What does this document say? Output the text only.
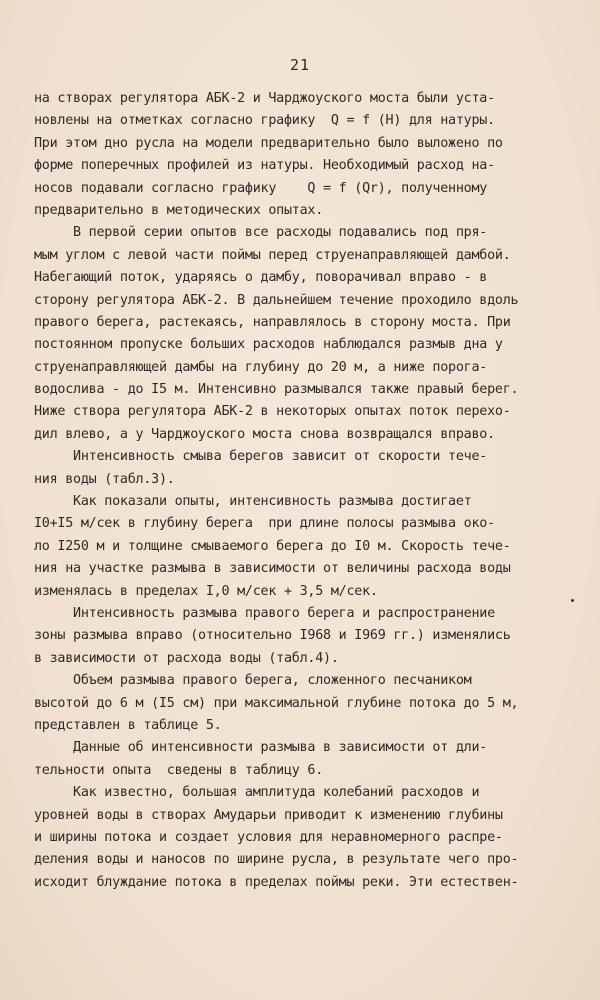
21
на створах регулятора АБК-2 и Чарджоуского моста были уста-
новлены на отметках согласно графику  Q = f (H) для натуры.
При этом дно русла на модели предварительно было выложено по
форме поперечных профилей из натуры. Необходимый расход на-
носов подавали согласно графику    Q = f (Qr), полученному
предварительно в методических опытах.
В первой серии опытов все расходы подавались под пря-
мым углом с левой части поймы перед струенаправляющей дамбой.
Набегающий поток, ударяясь о дамбу, поворачивал вправо - в
сторону регулятора АБК-2. В дальнейшем течение проходило вдоль
правого берега, растекаясь, направлялось в сторону моста. При
постоянном пропуске больших расходов наблюдался размыв дна у
струенаправляющей дамбы на глубину до 20 м, а ниже порога-
водослива - до I5 м. Интенсивно размывался также правый берег.
Ниже створа регулятора АБК-2 в некоторых опытах поток перехо-
дил влево, а у Чарджоуского моста снова возвращался вправо.
Интенсивность смыва берегов зависит от скорости тече-
ния воды (табл.3).
Как показали опыты, интенсивность размыва достигает
I0+I5 м/сек в глубину берега  при длине полосы размыва око-
ло I250 м и толщине смываемого берега до I0 м. Скорость тече-
ния на участке размыва в зависимости от величины расхода воды
изменялась в пределах I,0 м/сек + 3,5 м/сек.
Интенсивность размыва правого берега и распространение
зоны размыва вправо (относительно I968 и I969 гг.) изменялись
в зависимости от расхода воды (табл.4).
Объем размыва правого берега, сложенного песчаником
высотой до 6 м (I5 см) при максимальной глубине потока до 5 м,
представлен в таблице 5.
Данные об интенсивности размыва в зависимости от дли-
тельности опыта  сведены в таблицу 6.
Как известно, большая амплитуда колебаний расходов и
уровней воды в створах Амударьи приводит к изменению глубины
и ширины потока и создает условия для неравномерного распре-
деления воды и наносов по ширине русла, в результате чего про-
исходит блуждание потока в пределах поймы реки. Эти естествен-
